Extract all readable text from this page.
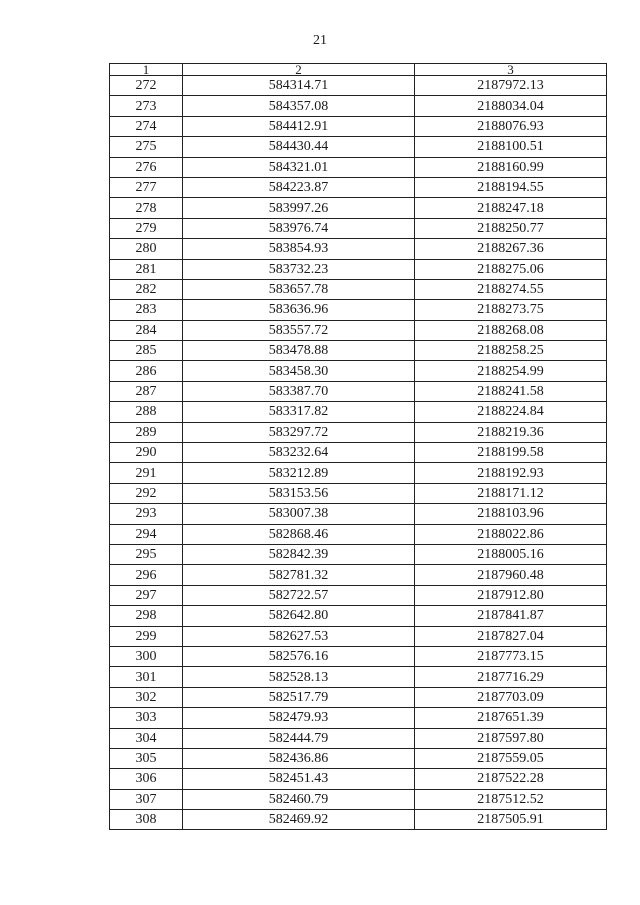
21
1	2	3
272	584314.71	2187972.13
273	584357.08	2188034.04
274	584412.91	2188076.93
275	584430.44	2188100.51
276	584321.01	2188160.99
277	584223.87	2188194.55
278	583997.26	2188247.18
279	583976.74	2188250.77
280	583854.93	2188267.36
281	583732.23	2188275.06
282	583657.78	2188274.55
283	583636.96	2188273.75
284	583557.72	2188268.08
285	583478.88	2188258.25
286	583458.30	2188254.99
287	583387.70	2188241.58
288	583317.82	2188224.84
289	583297.72	2188219.36
290	583232.64	2188199.58
291	583212.89	2188192.93
292	583153.56	2188171.12
293	583007.38	2188103.96
294	582868.46	2188022.86
295	582842.39	2188005.16
296	582781.32	2187960.48
297	582722.57	2187912.80
298	582642.80	2187841.87
299	582627.53	2187827.04
300	582576.16	2187773.15
301	582528.13	2187716.29
302	582517.79	2187703.09
303	582479.93	2187651.39
304	582444.79	2187597.80
305	582436.86	2187559.05
306	582451.43	2187522.28
307	582460.79	2187512.52
308	582469.92	2187505.91
